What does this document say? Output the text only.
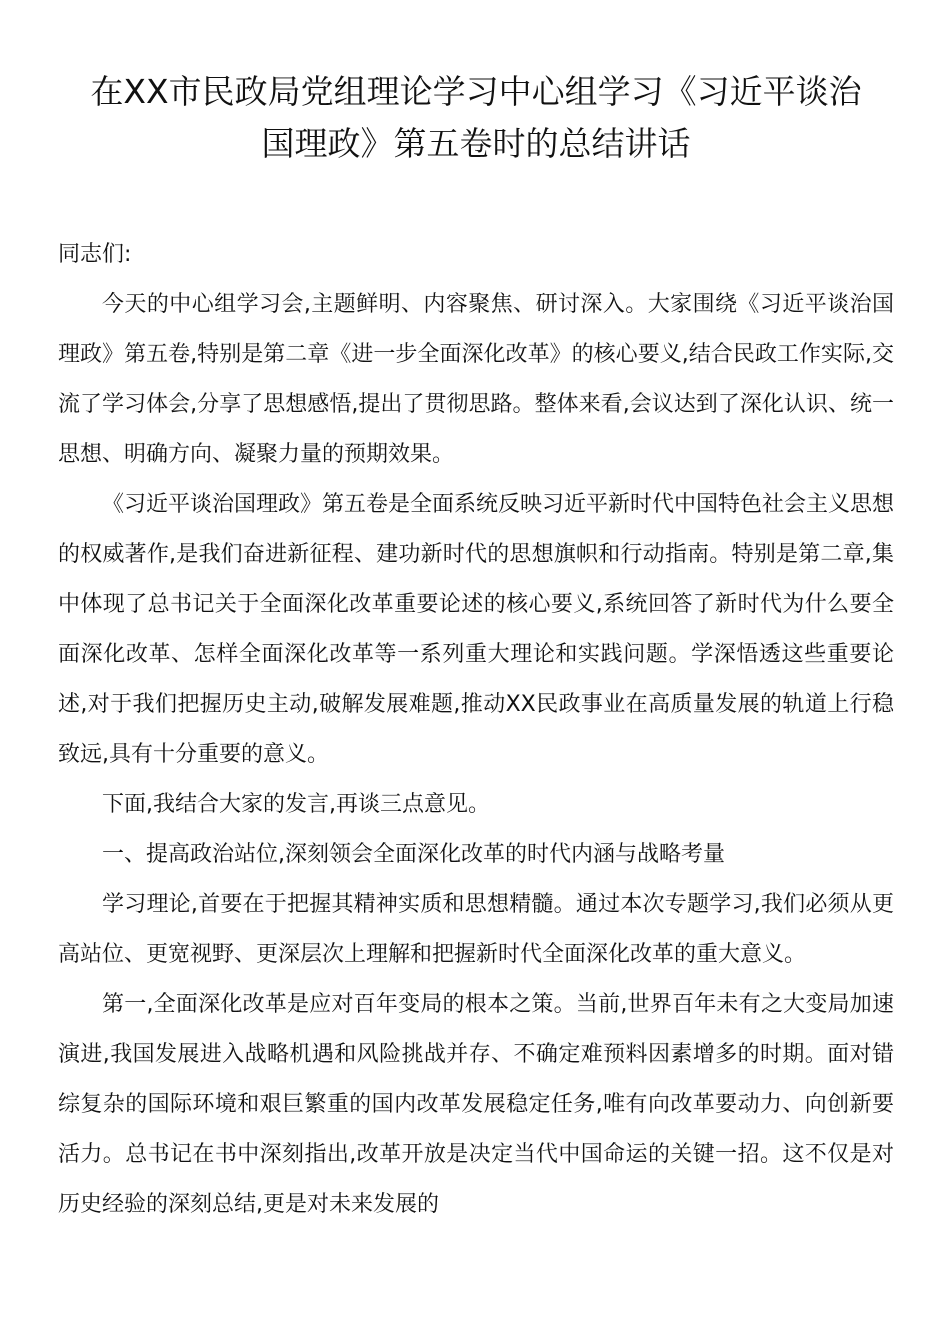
在XX市民政局党组理论学习中心组学习《习近平谈治
国理政》第五卷时的总结讲话

同志们:

今天的中心组学习会,主题鲜明、内容聚焦、研讨深入。大家围绕《习近平谈治国理政》第五卷,特别是第二章《进一步全面深化改革》的核心要义,结合民政工作实际,交流了学习体会,分享了思想感悟,提出了贯彻思路。整体来看,会议达到了深化认识、统一思想、明确方向、凝聚力量的预期效果。

《习近平谈治国理政》第五卷是全面系统反映习近平新时代中国特色社会主义思想的权威著作,是我们奋进新征程、建功新时代的思想旗帜和行动指南。特别是第二章,集中体现了总书记关于全面深化改革重要论述的核心要义,系统回答了新时代为什么要全面深化改革、怎样全面深化改革等一系列重大理论和实践问题。学深悟透这些重要论述,对于我们把握历史主动,破解发展难题,推动XX民政事业在高质量发展的轨道上行稳致远,具有十分重要的意义。

下面,我结合大家的发言,再谈三点意见。

一、提高政治站位,深刻领会全面深化改革的时代内涵与战略考量

学习理论,首要在于把握其精神实质和思想精髓。通过本次专题学习,我们必须从更高站位、更宽视野、更深层次上理解和把握新时代全面深化改革的重大意义。

第一,全面深化改革是应对百年变局的根本之策。当前,世界百年未有之大变局加速演进,我国发展进入战略机遇和风险挑战并存、不确定难预料因素增多的时期。面对错综复杂的国际环境和艰巨繁重的国内改革发展稳定任务,唯有向改革要动力、向创新要活力。总书记在书中深刻指出,改革开放是决定当代中国命运的关键一招。这不仅是对历史经验的深刻总结,更是对未来发展的
